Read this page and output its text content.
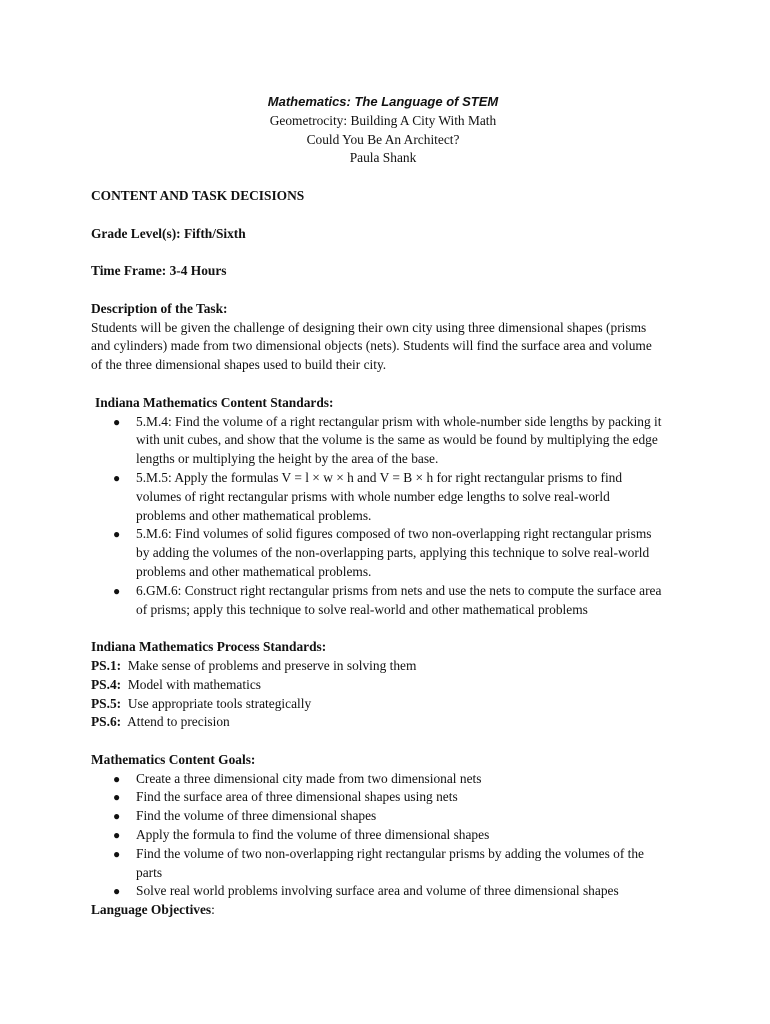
Mathematics: The Language of STEM
Geometrocity: Building A City With Math
Could You Be An Architect?
Paula Shank
CONTENT AND TASK DECISIONS
Grade Level(s): Fifth/Sixth
Time Frame: 3-4 Hours
Description of the Task:
Students will be given the challenge of designing their own city using three dimensional shapes (prisms
and cylinders) made from two dimensional objects (nets). Students will find the surface area and volume
of the three dimensional shapes used to build their city.
Indiana Mathematics Content Standards:
● 5.M.4: Find the volume of a right rectangular prism with whole-number side lengths by packing it
with unit cubes, and show that the volume is the same as would be found by multiplying the edge
lengths or multiplying the height by the area of the base.
● 5.M.5: Apply the formulas V = l × w × h and V = B × h for right rectangular prisms to find
volumes of right rectangular prisms with whole number edge lengths to solve real-world
problems and other mathematical problems.
● 5.M.6: Find volumes of solid figures composed of two non-overlapping right rectangular prisms
by adding the volumes of the non-overlapping parts, applying this technique to solve real-world
problems and other mathematical problems.
● 6.GM.6: Construct right rectangular prisms from nets and use the nets to compute the surface area
of prisms; apply this technique to solve real-world and other mathematical problems
Indiana Mathematics Process Standards:
PS.1:  Make sense of problems and preserve in solving them
PS.4:  Model with mathematics
PS.5:  Use appropriate tools strategically
PS.6:  Attend to precision
Mathematics Content Goals:
● Create a three dimensional city made from two dimensional nets
● Find the surface area of three dimensional shapes using nets
● Find the volume of three dimensional shapes
● Apply the formula to find the volume of three dimensional shapes
● Find the volume of two non-overlapping right rectangular prisms by adding the volumes of the
parts
● Solve real world problems involving surface area and volume of three dimensional shapes
Language Objectives:
